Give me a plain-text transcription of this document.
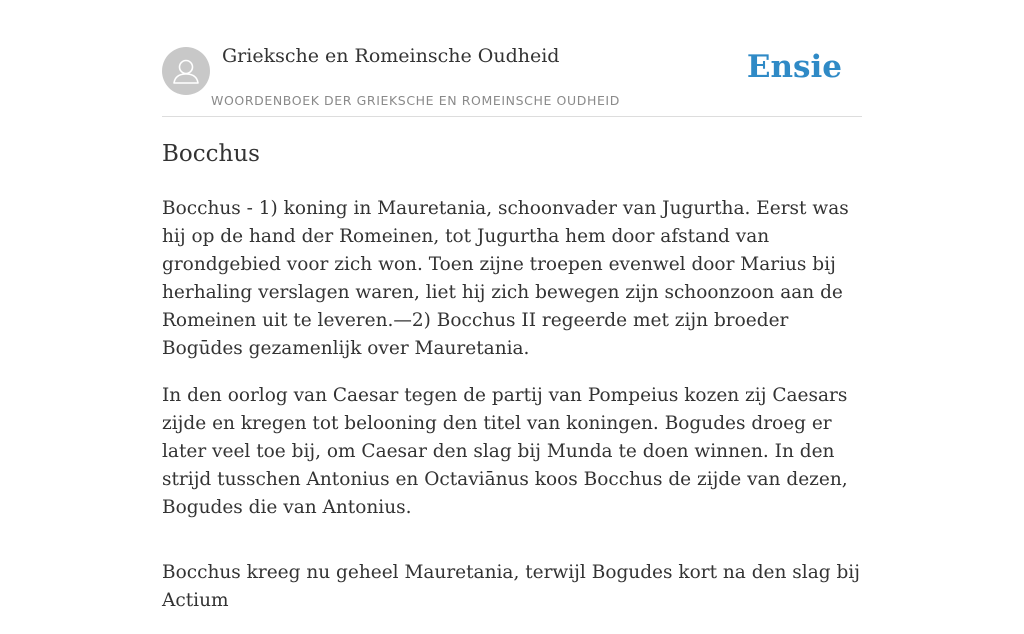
Grieksche en Romeinsche Oudheid
WOORDENBOEK DER GRIEKSCHE EN ROMEINSCHE OUDHEID
Ensie
Bocchus

Bocchus - 1) koning in Mauretania, schoonvader van Jugurtha. Eerst was hij op de hand der Romeinen, tot Jugurtha hem door afstand van grondgebied voor zich won. Toen zijne troepen evenwel door Marius bij herhaling verslagen waren, liet hij zich bewegen zijn schoonzoon aan de Romeinen uit te leveren.—2) Bocchus II regeerde met zijn broeder Bogūdes gezamenlijk over Mauretania.

In den oorlog van Caesar tegen de partij van Pompeius kozen zij Caesars zijde en kregen tot belooning den titel van koningen. Bogudes droeg er later veel toe bij, om Caesar den slag bij Munda te doen winnen. In den strijd tusschen Antonius en Octaviānus koos Bocchus de zijde van dezen, Bogudes die van Antonius.

Bocchus kreeg nu geheel Mauretania, terwijl Bogudes kort na den slag bij Actium
